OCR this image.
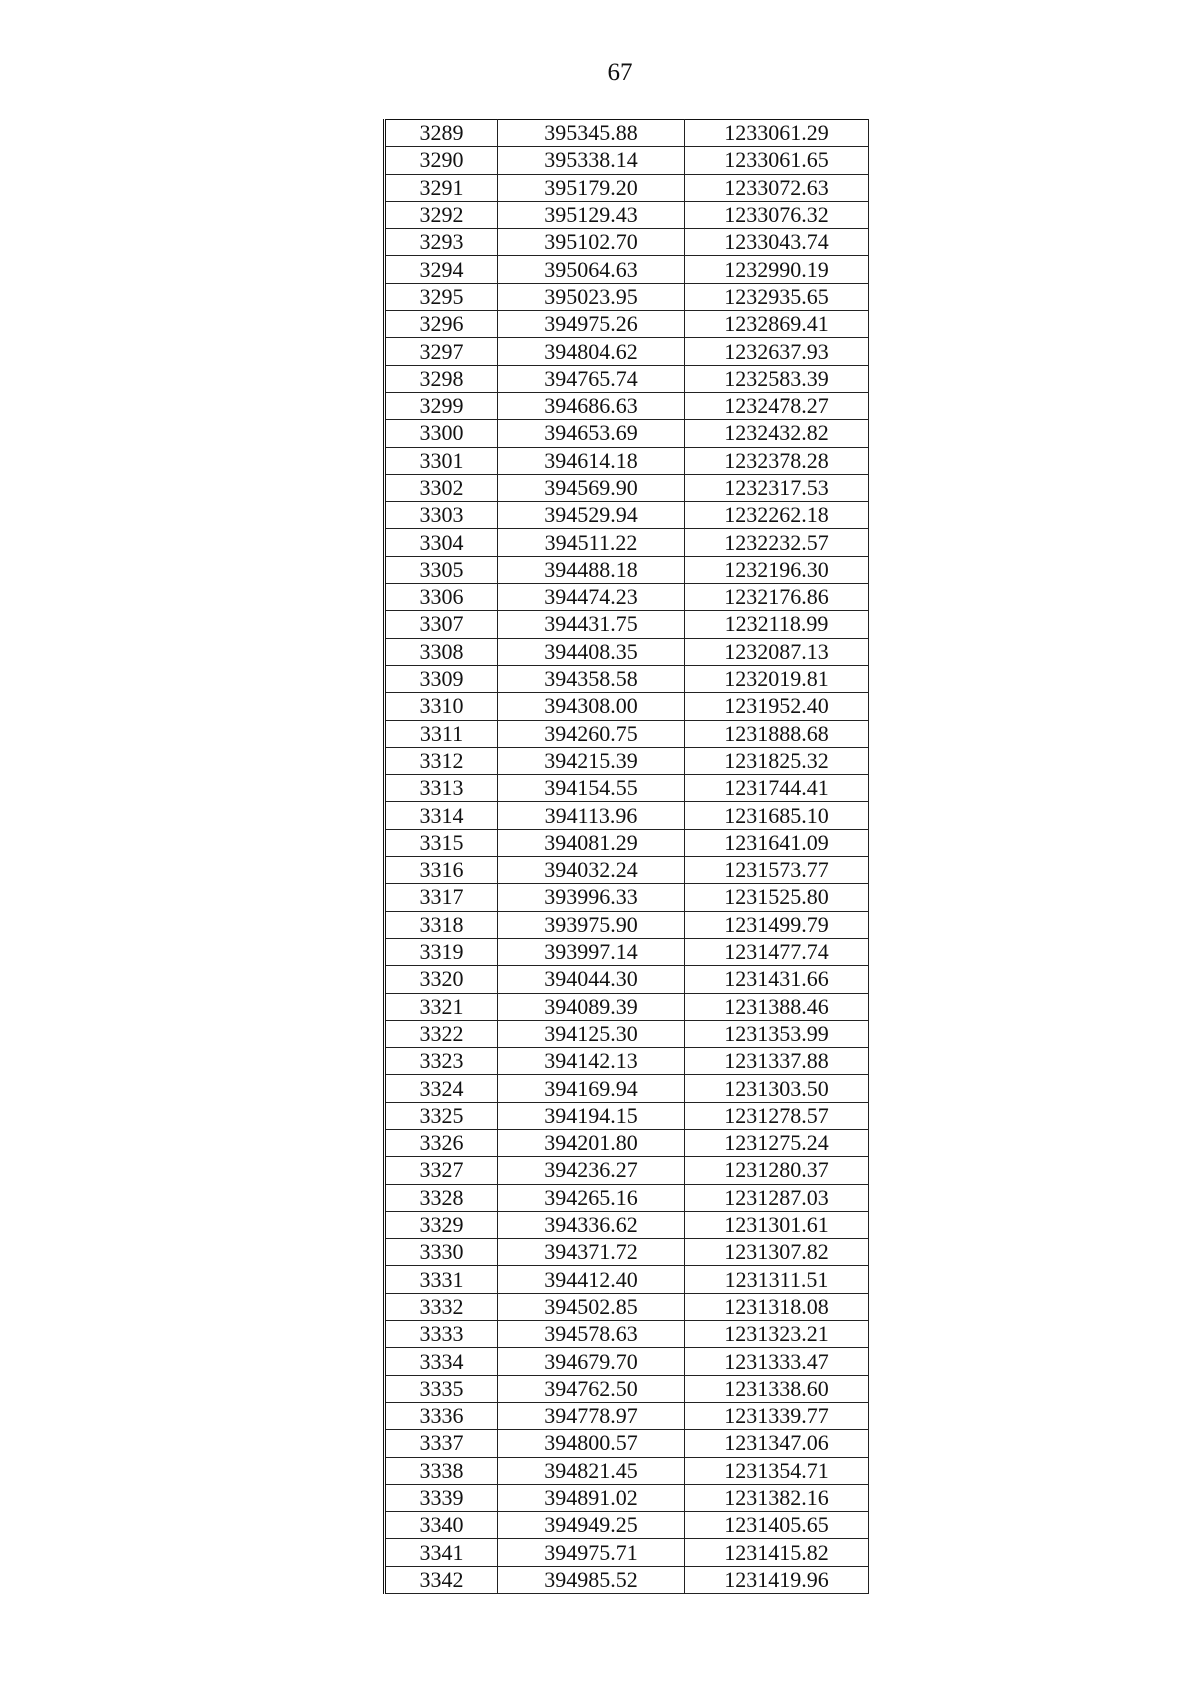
67
3289	395345.88	1233061.29
3290	395338.14	1233061.65
3291	395179.20	1233072.63
3292	395129.43	1233076.32
3293	395102.70	1233043.74
3294	395064.63	1232990.19
3295	395023.95	1232935.65
3296	394975.26	1232869.41
3297	394804.62	1232637.93
3298	394765.74	1232583.39
3299	394686.63	1232478.27
3300	394653.69	1232432.82
3301	394614.18	1232378.28
3302	394569.90	1232317.53
3303	394529.94	1232262.18
3304	394511.22	1232232.57
3305	394488.18	1232196.30
3306	394474.23	1232176.86
3307	394431.75	1232118.99
3308	394408.35	1232087.13
3309	394358.58	1232019.81
3310	394308.00	1231952.40
3311	394260.75	1231888.68
3312	394215.39	1231825.32
3313	394154.55	1231744.41
3314	394113.96	1231685.10
3315	394081.29	1231641.09
3316	394032.24	1231573.77
3317	393996.33	1231525.80
3318	393975.90	1231499.79
3319	393997.14	1231477.74
3320	394044.30	1231431.66
3321	394089.39	1231388.46
3322	394125.30	1231353.99
3323	394142.13	1231337.88
3324	394169.94	1231303.50
3325	394194.15	1231278.57
3326	394201.80	1231275.24
3327	394236.27	1231280.37
3328	394265.16	1231287.03
3329	394336.62	1231301.61
3330	394371.72	1231307.82
3331	394412.40	1231311.51
3332	394502.85	1231318.08
3333	394578.63	1231323.21
3334	394679.70	1231333.47
3335	394762.50	1231338.60
3336	394778.97	1231339.77
3337	394800.57	1231347.06
3338	394821.45	1231354.71
3339	394891.02	1231382.16
3340	394949.25	1231405.65
3341	394975.71	1231415.82
3342	394985.52	1231419.96
